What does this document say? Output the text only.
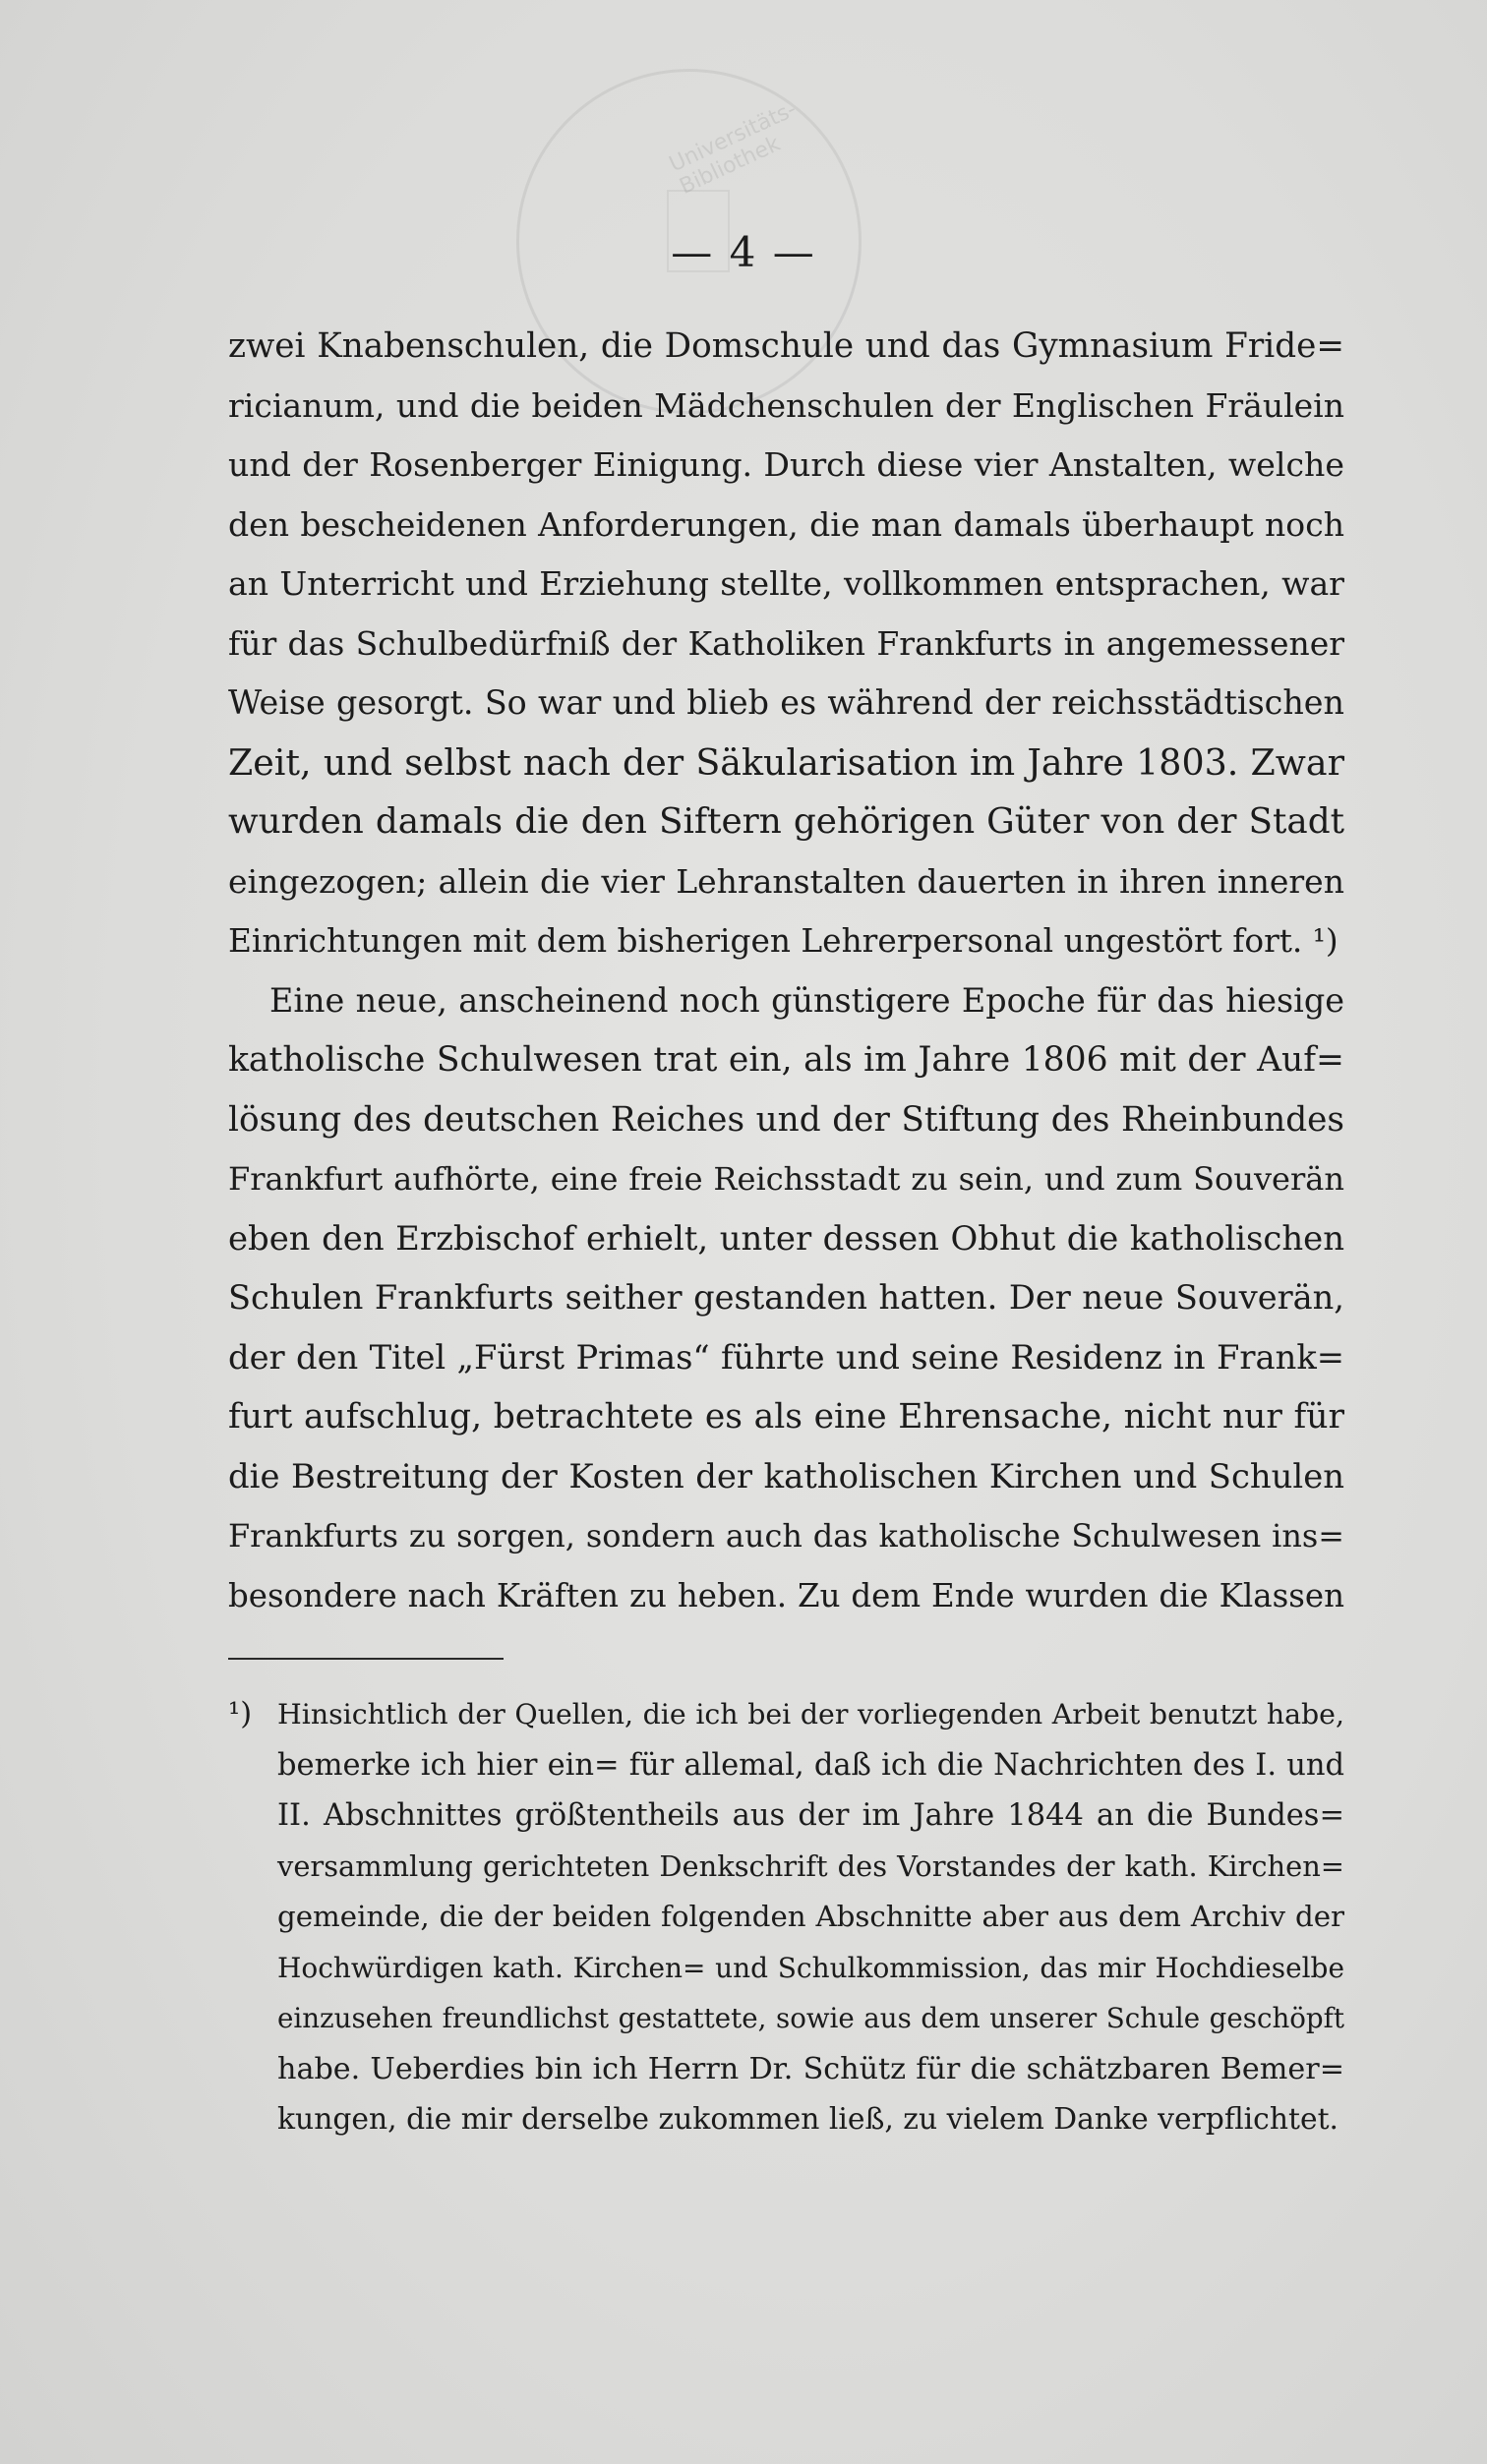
Universitäts-Bibliothek
— 4 —
zwei Knabenschulen, die Domschule und das Gymnasium Fride=
ricianum, und die beiden Mädchenschulen der Englischen Fräulein
und der Rosenberger Einigung. Durch diese vier Anstalten, welche
den bescheidenen Anforderungen, die man damals überhaupt noch
an Unterricht und Erziehung stellte, vollkommen entsprachen, war
für das Schulbedürfniß der Katholiken Frankfurts in angemessener
Weise gesorgt. So war und blieb es während der reichsstädtischen
Zeit, und selbst nach der Säkularisation im Jahre 1803. Zwar
wurden damals die den Siftern gehörigen Güter von der Stadt
eingezogen; allein die vier Lehranstalten dauerten in ihren inneren
Einrichtungen mit dem bisherigen Lehrerpersonal ungestört fort. ¹)
Eine neue, anscheinend noch günstigere Epoche für das hiesige
katholische Schulwesen trat ein, als im Jahre 1806 mit der Auf=
lösung des deutschen Reiches und der Stiftung des Rheinbundes
Frankfurt aufhörte, eine freie Reichsstadt zu sein, und zum Souverän
eben den Erzbischof erhielt, unter dessen Obhut die katholischen
Schulen Frankfurts seither gestanden hatten. Der neue Souverän,
der den Titel „Fürst Primas“ führte und seine Residenz in Frank=
furt aufschlug, betrachtete es als eine Ehrensache, nicht nur für
die Bestreitung der Kosten der katholischen Kirchen und Schulen
Frankfurts zu sorgen, sondern auch das katholische Schulwesen ins=
besondere nach Kräften zu heben. Zu dem Ende wurden die Klassen
¹) Hinsichtlich der Quellen, die ich bei der vorliegenden Arbeit benutzt habe,
bemerke ich hier ein= für allemal, daß ich die Nachrichten des I. und
II. Abschnittes größtentheils aus der im Jahre 1844 an die Bundes=
versammlung gerichteten Denkschrift des Vorstandes der kath. Kirchen=
gemeinde, die der beiden folgenden Abschnitte aber aus dem Archiv der
Hochwürdigen kath. Kirchen= und Schulkommission, das mir Hochdieselbe
einzusehen freundlichst gestattete, sowie aus dem unserer Schule geschöpft
habe. Ueberdies bin ich Herrn Dr. Schütz für die schätzbaren Bemer=
kungen, die mir derselbe zukommen ließ, zu vielem Danke verpflichtet.
